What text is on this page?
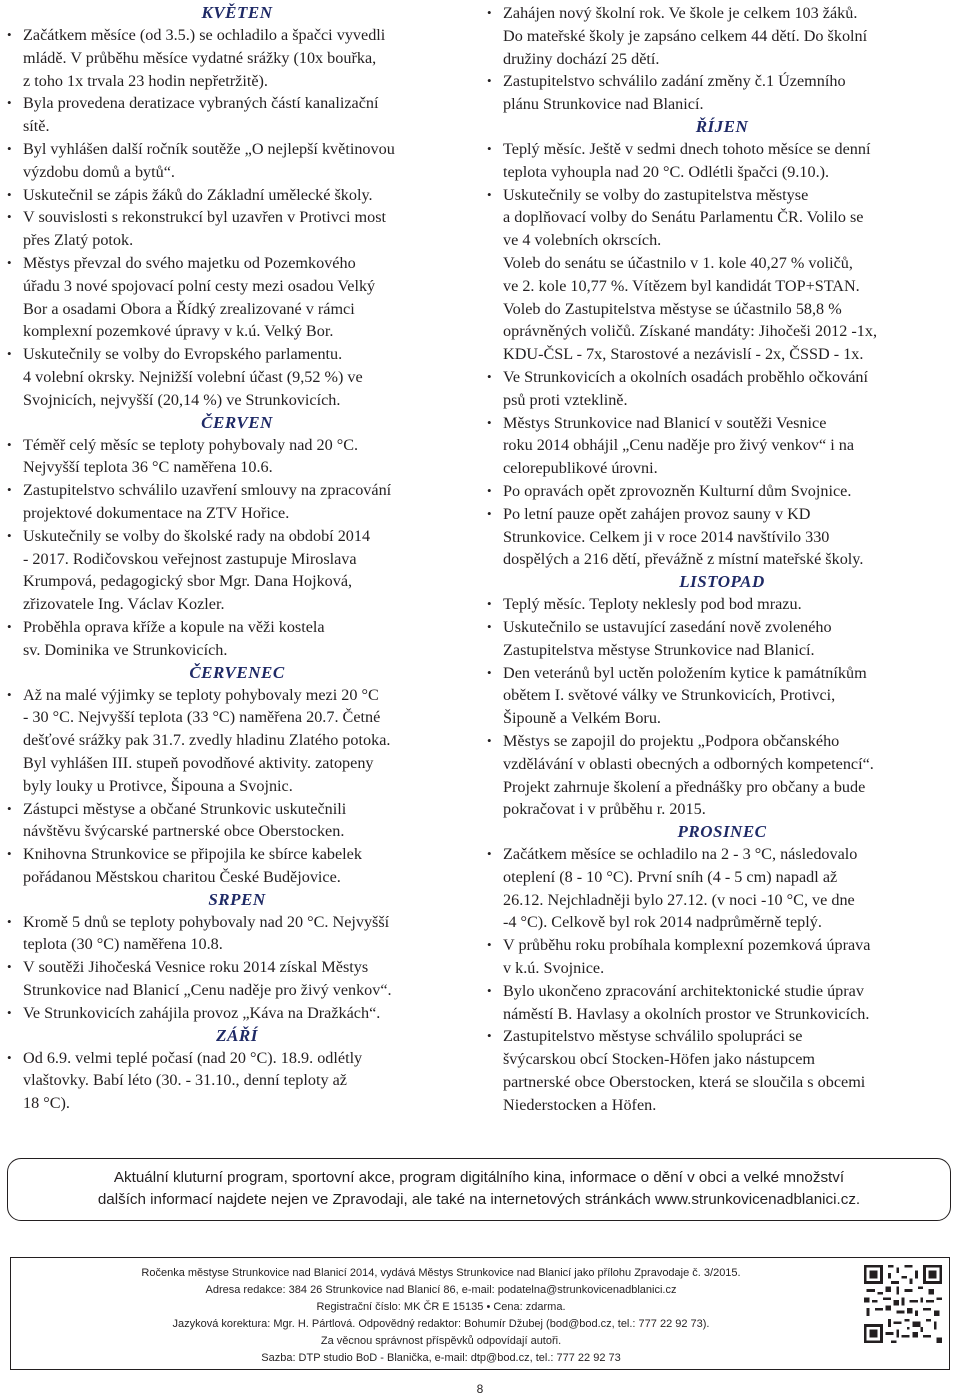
KVĚTEN
• Začátkem měsíce (od 3.5.) se ochladilo a špačci vyvedli
mládě. V průběhu měsíce vydatné srážky (10x bouřka,
z toho 1x trvala 23 hodin nepřetržitě).
• Byla provedena deratizace vybraných částí kanalizační
sítě.
• Byl vyhlášen další ročník soutěže „O nejlepší květinovou
výzdobu domů a bytů“.
• Uskutečnil se zápis žáků do Základní umělecké školy.
• V souvislosti s rekonstrukcí byl uzavřen v Protivci most
přes Zlatý potok.
• Městys převzal do svého majetku od Pozemkového
úřadu 3 nové spojovací polní cesty mezi osadou Velký
Bor a osadami Obora a Řídký zrealizované v rámci
komplexní pozemkové úpravy v k.ú. Velký Bor.
• Uskutečnily se volby do Evropského parlamentu.
4 volební okrsky. Nejnižší volební účast (9,52 %) ve
Svojnicích, nejvyšší (20,14 %) ve Strunkovicích.
ČERVEN
• Téměř celý měsíc se teploty pohybovaly nad 20 °C.
Nejvyšší teplota 36 °C naměřena 10.6.
• Zastupitelstvo schválilo uzavření smlouvy na zpracování
projektové dokumentace na ZTV Hořice.
• Uskutečnily se volby do školské rady na období 2014
- 2017. Rodičovskou veřejnost zastupuje Miroslava
Krumpová, pedagogický sbor Mgr. Dana Hojková,
zřizovatele Ing. Václav Kozler.
• Proběhla oprava kříže a kopule na věži kostela
sv. Dominika ve Strunkovicích.
ČERVENEC
• Až na malé výjimky se teploty pohybovaly mezi 20 °C
- 30 °C. Nejvyšší teplota (33 °C) naměřena 20.7. Četné
dešťové srážky pak 31.7. zvedly hladinu Zlatého potoka.
Byl vyhlášen III. stupeň povodňové aktivity. zatopeny
byly louky u Protivce, Šipouna a Svojnic.
• Zástupci městyse a občané Strunkovic uskutečnili
návštěvu švýcarské partnerské obce Oberstocken.
• Knihovna Strunkovice se připojila ke sbírce kabelek
pořádanou Městskou charitou České Budějovice.
SRPEN
• Kromě 5 dnů se teploty pohybovaly nad 20 °C. Nejvyšší
teplota (30 °C) naměřena 10.8.
• V soutěži Jihočeská Vesnice roku 2014 získal Městys
Strunkovice nad Blanicí „Cenu naděje pro živý venkov“.
• Ve Strunkovicích zahájila provoz „Káva na Dražkách“.
ZÁŘÍ
• Od 6.9. velmi teplé počasí (nad 20 °C). 18.9. odlétly
vlaštovky. Babí léto (30. - 31.10., denní teploty až
18 °C).
• Zahájen nový školní rok. Ve škole je celkem 103 žáků.
Do mateřské školy je zapsáno celkem 44 dětí. Do školní
družiny dochází 25 dětí.
• Zastupitelstvo schválilo zadání změny č.1 Územního
plánu Strunkovice nad Blanicí.
ŘÍJEN
• Teplý měsíc. Ještě v sedmi dnech tohoto měsíce se denní
teplota vyhoupla nad 20 °C. Odlétli špačci (9.10.).
• Uskutečnily se volby do zastupitelstva městyse
a doplňovací volby do Senátu Parlamentu ČR. Volilo se
ve 4 volebních okrscích.
Voleb do senátu se účastnilo v 1. kole 40,27 % voličů,
ve 2. kole 10,77 %. Vítězem byl kandidát TOP+STAN.
Voleb do Zastupitelstva městyse se účastnilo 58,8 %
oprávněných voličů. Získané mandáty: Jihočeši 2012 -1x,
KDU-ČSL - 7x, Starostové a nezávislí - 2x, ČSSD - 1x.
• Ve Strunkovicích a okolních osadách proběhlo očkování
psů proti vzteklině.
• Městys Strunkovice nad Blanicí v soutěži Vesnice
roku 2014 obhájil „Cenu naděje pro živý venkov“ i na
celorepublikové úrovni.
• Po opravách opět zprovozněn Kulturní dům Svojnice.
• Po letní pauze opět zahájen provoz sauny v KD
Strunkovice. Celkem ji v roce 2014 navštívilo 330
dospělých a 216 dětí, převážně z místní mateřské školy.
LISTOPAD
• Teplý měsíc. Teploty neklesly pod bod mrazu.
• Uskutečnilo se ustavující zasedání nově zvoleného
Zastupitelstva městyse Strunkovice nad Blanicí.
• Den veteránů byl uctěn položením kytice k památníkům
obětem I. světové války ve Strunkovicích, Protivci,
Šipouně a Velkém Boru.
• Městys se zapojil do projektu „Podpora občanského
vzdělávání v oblasti obecných a odborných kompetencí“.
Projekt zahrnuje školení a přednášky pro občany a bude
pokračovat i v průběhu r. 2015.
PROSINEC
• Začátkem měsíce se ochladilo na 2 - 3 °C, následovalo
oteplení (8 - 10 °C). První sníh (4 - 5 cm) napadl až
26.12. Nejchladněji bylo 27.12. (v noci -10 °C, ve dne
-4 °C). Celkově byl rok 2014 nadprůměrně teplý.
• V průběhu roku probíhala komplexní pozemková úprava
v k.ú. Svojnice.
• Bylo ukončeno zpracování architektonické studie úprav
náměstí B. Havlasy a okolních prostor ve Strunkovicích.
• Zastupitelstvo městyse schválilo spolupráci se
švýcarskou obcí Stocken-Höfen jako nástupcem
partnerské obce Oberstocken, která se sloučila s obcemi
Niederstocken a Höfen.
Aktuální kluturní program, sportovní akce, program digitálního kina, informace o dění v obci a velké množství
dalších informací najdete nejen ve Zpravodaji, ale také na internetových stránkách www.strunkovicenadblanici.cz.
Ročenka městyse Strunkovice nad Blanicí 2014, vydává Městys Strunkovice nad Blanicí jako přílohu Zpravodaje č. 3/2015.
Adresa redakce: 384 26 Strunkovice nad Blanicí 86, e-mail: podatelna@strunkovicenadblanici.cz
Registrační číslo: MK ČR E 15135 • Cena: zdarma.
Jazyková korektura: Mgr. H. Pártlová. Odpovědný redaktor: Bohumír Džubej (bod@bod.cz, tel.: 777 22 92 73).
Za věcnou správnost příspěvků odpovídají autoři.
Sazba: DTP studio BoD - Blanička, e-mail: dtp@bod.cz, tel.: 777 22 92 73
8
